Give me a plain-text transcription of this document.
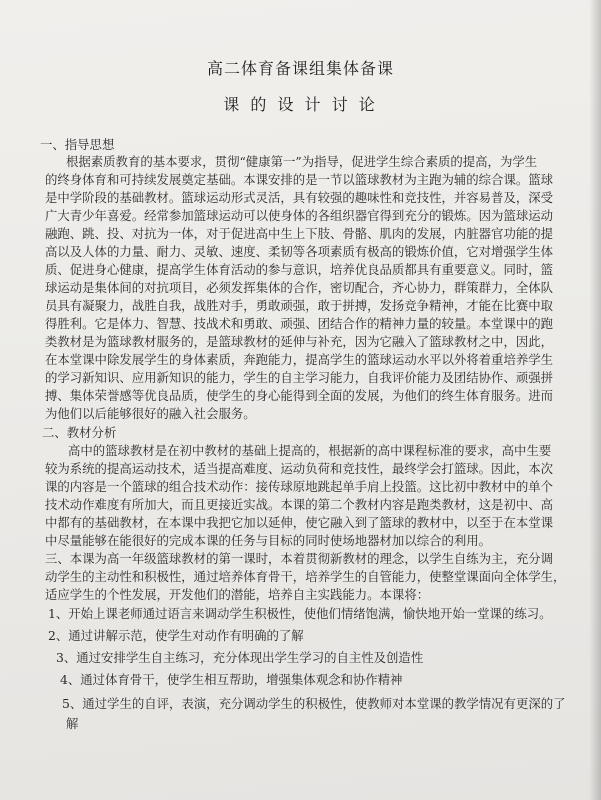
高二体育备课组集体备课
课 的 设 计 讨 论
一、指导思想
根据素质教育的基本要求，贯彻“健康第一”为指导，促进学生综合素质的提高，为学生
的终身体育和可持续发展奠定基础。本课安排的是一节以篮球教材为主跑为辅的综合课。篮球
是中学阶段的基础教材。篮球运动形式灵活，具有较强的趣味性和竞技性，并容易普及，深受
广大青少年喜爱。经常参加篮球运动可以使身体的各组织器官得到充分的锻炼。因为篮球运动
融跑、跳、投、对抗为一体，对于促进高中生上下肢、骨骼、肌肉的发展，内脏器官功能的提
高以及人体的力量、耐力、灵敏、速度、柔韧等各项素质有极高的锻炼价值，它对增强学生体
质、促进身心健康，提高学生体育活动的参与意识，培养优良品质都具有重要意义。同时，篮
球运动是集体间的对抗项目，必须发挥集体的合作，密切配合，齐心协力，群策群力，全体队
员具有凝聚力，战胜自我，战胜对手，勇敢顽强，敢于拼搏，发扬竞争精神，才能在比赛中取
得胜利。它是体力、智慧、技战术和勇敢、顽强、团结合作的精神力量的较量。本堂课中的跑
类教材是为篮球教材服务的，是篮球教材的延伸与补充，因为它融入了篮球教材之中，因此，
在本堂课中除发展学生的身体素质，奔跑能力，提高学生的篮球运动水平以外将着重培养学生
的学习新知识、应用新知识的能力，学生的自主学习能力，自我评价能力及团结协作、顽强拼
搏、集体荣誉感等优良品质，使学生的身心能得到全面的发展，为他们的终生体育服务。进而
为他们以后能够很好的融入社会服务。
二、教材分析
高中的篮球教材是在初中教材的基础上提高的，根据新的高中课程标准的要求，高中生要
较为系统的提高运动技术，适当提高难度、运动负荷和竞技性，最终学会打篮球。因此，本次
课的内容是一个篮球的组合技术动作：接传球原地跳起单手肩上投篮。这比初中教材中的单个
技术动作难度有所加大，而且更接近实战。本课的第二个教材内容是跑类教材，这是初中、高
中都有的基础教材，在本课中我把它加以延伸，使它融入到了篮球的教材中，以至于在本堂课
中尽量能够在能很好的完成本课的任务与目标的同时使场地器材加以综合的利用。
三、本课为高一年级篮球教材的第一课时，本着贯彻新教材的理念，以学生自练为主，充分调
动学生的主动性和积极性，通过培养体育骨干，培养学生的自管能力，使整堂课面向全体学生，
适应学生的个性发展，开发他们的潜能，培养自主实践能力。本课将：
1、开始上课老师通过语言来调动学生积极性，使他们情绪饱满，愉快地开始一堂课的练习。
2、通过讲解示范，使学生对动作有明确的了解
3、通过安排学生自主练习，充分体现出学生学习的自主性及创造性
4、通过体育骨干，使学生相互帮助，增强集体观念和协作精神
5、通过学生的自评，表演，充分调动学生的积极性，使教师对本堂课的教学情况有更深的了
解
